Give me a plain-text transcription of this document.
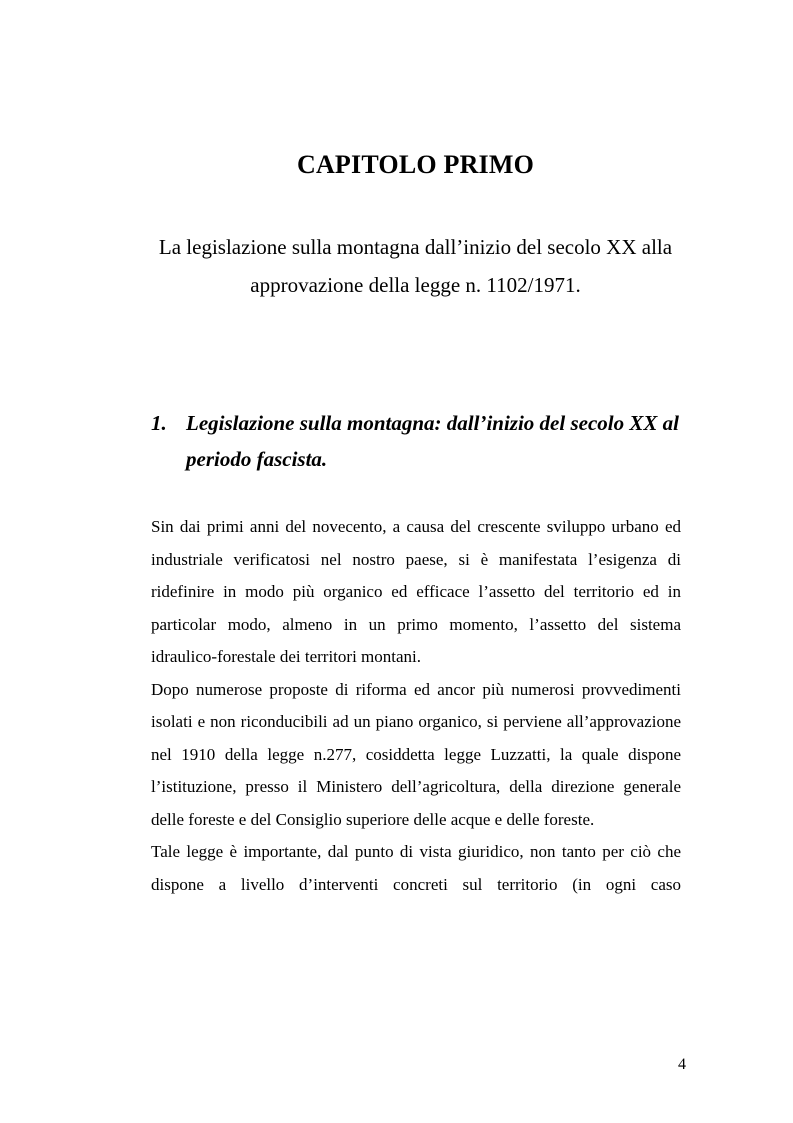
CAPITOLO PRIMO

La legislazione sulla montagna dall’inizio del secolo XX alla approvazione della legge n. 1102/1971.

1. Legislazione sulla montagna: dall’inizio del secolo XX al periodo fascista.

Sin dai primi anni del novecento, a causa del crescente sviluppo urbano ed industriale verificatosi nel nostro paese, si è manifestata l’esigenza di ridefinire in modo più organico ed efficace l’assetto del territorio ed in particolar modo, almeno in un primo momento, l’assetto del sistema idraulico-forestale dei territori montani.

Dopo numerose proposte di riforma ed ancor più numerosi provvedimenti isolati e non riconducibili ad un piano organico, si perviene all’approvazione nel 1910 della legge n.277, cosiddetta legge Luzzatti, la quale dispone l’istituzione, presso il Ministero dell’agricoltura, della direzione generale delle foreste e del Consiglio superiore delle acque e delle foreste.

Tale legge è importante, dal punto di vista giuridico, non tanto per ciò che dispone a livello d’interventi concreti sul territorio (in ogni caso

4
